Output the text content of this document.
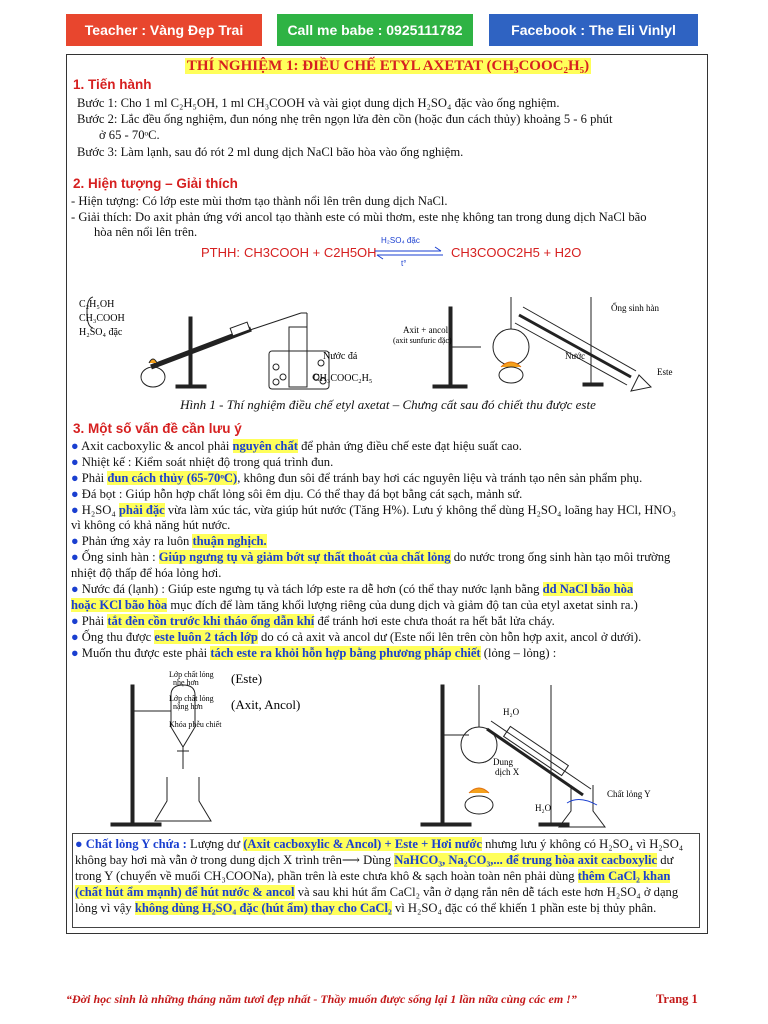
Teacher : Vàng Đẹp Trai	Call me babe : 0925111782	Facebook : The Eli Vinlyl
THÍ NGHIỆM 1: ĐIỀU CHẾ ETYL AXETAT (CH₃COOC₂H₅)
1. Tiến hành
Bước 1: Cho 1 ml C₂H₅OH, 1 ml CH₃COOH và vài giọt dung dịch H₂SO₄ đặc vào ống nghiệm.
Bước 2: Lắc đều ống nghiệm, đun nóng nhẹ trên ngọn lửa đèn cồn (hoặc đun cách thủy) khoảng 5 - 6 phút
ở 65 - 70ᵒC.
Bước 3: Làm lạnh, sau đó rót 2 ml dung dịch NaCl bão hòa vào ống nghiệm.
2. Hiện tượng – Giải thích
- Hiện tượng: Có lớp este mùi thơm tạo thành nổi lên trên dung dịch NaCl.
- Giải thích: Do axit phản ứng với ancol tạo thành este có mùi thơm, este nhẹ không tan trong dung dịch NaCl bão
hòa nên nổi lên trên.
PTHH: CH3COOH + C2H5OH
H₂SO₄ đặc
t°
CH3COOC2H5 + H2O
C₂H₅OH
CH₃COOH
H₂SO₄ đặc
Nước đá
CH₃COOC₂H₅
Ống sinh hàn
Axit + ancol
(axit sunfuric đặc)
Nước
Este
Hình 1 - Thí nghiệm điều chế etyl axetat – Chưng cất sau đó chiết thu được este
3. Một số vấn đề cần lưu ý
● Axit cacboxylic & ancol phải nguyên chất để phản ứng điều chế este đạt hiệu suất cao.
● Nhiệt kế : Kiểm soát nhiệt độ trong quá trình đun.
● Phải đun cách thủy (65-70ᵒC), không đun sôi để tránh bay hơi các nguyên liệu và tránh tạo nên sản phẩm phụ.
● Đá bọt : Giúp hỗn hợp chất lỏng sôi êm dịu. Có thể thay đá bọt bằng cát sạch, mảnh sứ.
● H₂SO₄ phải đặc vừa làm xúc tác, vừa giúp hút nước (Tăng H%). Lưu ý không thể dùng H₂SO₄ loãng hay HCl, HNO₃
vì không có khả năng hút nước.
● Phản ứng xảy ra luôn thuận nghịch.
● Ống sinh hàn : Giúp ngưng tụ và giảm bớt sự thất thoát của chất lỏng do nước trong ống sinh hàn tạo môi trường
nhiệt độ thấp để hóa lỏng hơi.
● Nước đá (lạnh) : Giúp este ngưng tụ và tách lớp este ra dễ hơn (có thể thay nước lạnh bằng dd NaCl bão hòa
hoặc KCl bão hòa mục đích để làm tăng khối lượng riêng của dung dịch và giảm độ tan của etyl axetat sinh ra.)
● Phải tắt đèn cồn trước khi tháo ống dẫn khí để tránh hơi este chưa thoát ra hết bắt lửa cháy.
● Ống thu được este luôn 2 tách lớp do có cả axit và ancol dư (Este nổi lên trên còn hỗn hợp axit, ancol ở dưới).
● Muốn thu được este phải tách este ra khỏi hỗn hợp bằng phương pháp chiết (lỏng – lỏng) :
Lớp chất lỏng
nhẹ hơn (Este)
Lớp chất lỏng
nặng hơn (Axit, Ancol)
Khóa phễu chiết
H₂O
Dung
dịch X
H₂O
Chất lỏng Y
● Chất lỏng Y chứa : Lượng dư (Axit cacboxylic & Ancol) + Este + Hơi nước nhưng lưu ý không có H₂SO₄ vì H₂SO₄
không bay hơi mà vẫn ở trong dung dịch X trình trên⟶ Dùng NaHCO₃, Na₂CO₃,... để trung hòa axit cacboxylic dư
trong Y (chuyển về muối CH₃COONa), phần trên là este chưa khô & sạch hoàn toàn nên phải dùng thêm CaCl₂ khan
(chất hút ẩm mạnh) để hút nước & ancol và sau khi hút ẩm CaCl₂ vẫn ở dạng rắn nên dễ tách este hơn H₂SO₄ ở dạng
lỏng vì vậy không dùng H₂SO₄ đặc (hút ẩm) thay cho CaCl₂ vì H₂SO₄ đặc có thể khiến 1 phần este bị thủy phân.
“Đời học sinh là những tháng năm tươi đẹp nhất - Thầy muốn được sống lại 1 lần nữa cùng các em !”	Trang 1
